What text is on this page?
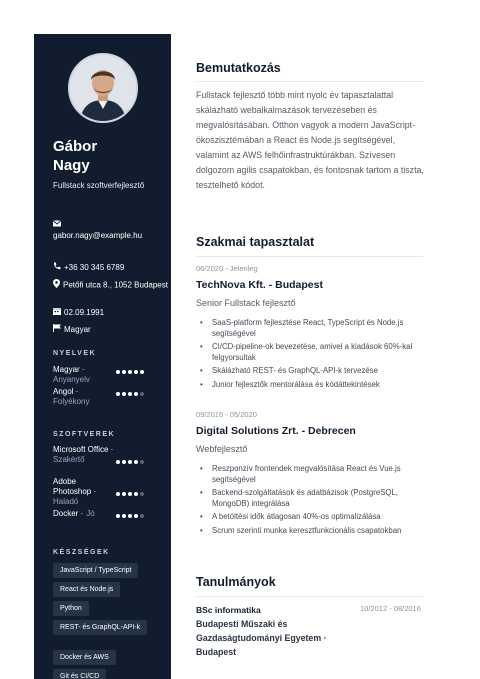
Gábor
Nagy
Fullstack szoftverfejlesztő
gabor.nagy@example.hu
+36 30 345 6789
Petőfi utca 8., 1052 Budapest
02.09.1991
Magyar
NYELVEK
Magyar ·
Anyanyelv
Angol ·
Folyékony
SZOFTVEREK
Microsoft Office ·
Szakértő
Adobe Photoshop ·
Haladó
Docker · Jó
KÉSZSÉGEK
JavaScript / TypeScript
React és Node.js
Python
REST- és GraphQL-API-k
Docker és AWS
Git és CI/CD
Bemutatkozás
Fullstack fejlesztő több mint nyolc év tapasztalattal skálázható webalkalmazások tervezésében és megvalósításában. Otthon vagyok a modern JavaScript-ökoszisztémában a React és Node.js segítségével, valamint az AWS felhőinfrastruktúrákban. Szívesen dolgozom agilis csapatokban, és fontosnak tartom a tiszta, tesztelhető kódot.
Szakmai tapasztalat
06/2020 - Jelenleg
TechNova Kft. - Budapest
Senior Fullstack fejlesztő
• SaaS-platform fejlesztése React, TypeScript és Node.js segítségével
• CI/CD-pipeline-ok bevezetése, amivel a kiadások 60%-kal felgyorsultak
• Skálázható REST- és GraphQL-API-k tervezése
• Junior fejlesztők mentorálása és kódáttekintések
09/2016 - 05/2020
Digital Solutions Zrt. - Debrecen
Webfejlesztő
• Reszponzív frontendek megvalósítása React és Vue.js segítségével
• Backend-szolgáltatások és adatbázisok (PostgreSQL, MongoDB) integrálása
• A betöltési idők átlagosan 40%-os optimalizálása
• Scrum szerinti munka keresztfunkcionális csapatokban
Tanulmányok
BSc informatika	10/2012 - 08/2016
Budapesti Műszaki és Gazdaságtudományi Egyetem · Budapest
